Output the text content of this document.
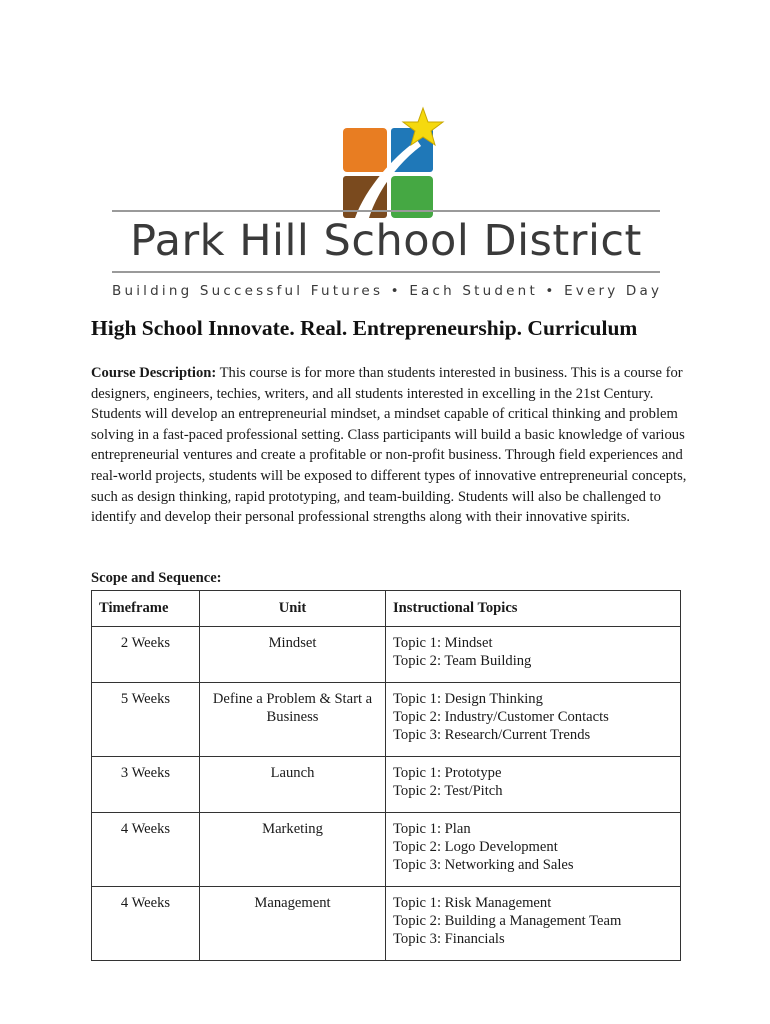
Park Hill School District
Building Successful Futures • Each Student • Every Day
High School Innovate. Real. Entrepreneurship. Curriculum
Course Description: This course is for more than students interested in business. This is a course for designers, engineers, techies, writers, and all students interested in excelling in the 21st Century. Students will develop an entrepreneurial mindset, a mindset capable of critical thinking and problem solving in a fast-paced professional setting. Class participants will build a basic knowledge of various entrepreneurial ventures and create a profitable or non-profit business. Through field experiences and real-world projects, students will be exposed to different types of innovative entrepreneurial concepts, such as design thinking, rapid prototyping, and team-building. Students will also be challenged to identify and develop their personal professional strengths along with their innovative spirits.
Scope and Sequence:
Timeframe	Unit	Instructional Topics
2 Weeks	Mindset	Topic 1: Mindset
Topic 2: Team Building

5 Weeks	Define a Problem & Start a Business	Topic 1: Design Thinking
Topic 2: Industry/Customer Contacts
Topic 3: Research/Current Trends

3 Weeks	Launch	Topic 1: Prototype
Topic 2: Test/Pitch

4 Weeks	Marketing	Topic 1: Plan
Topic 2: Logo Development
Topic 3: Networking and Sales

4 Weeks	Management	Topic 1: Risk Management
Topic 2: Building a Management Team
Topic 3: Financials
